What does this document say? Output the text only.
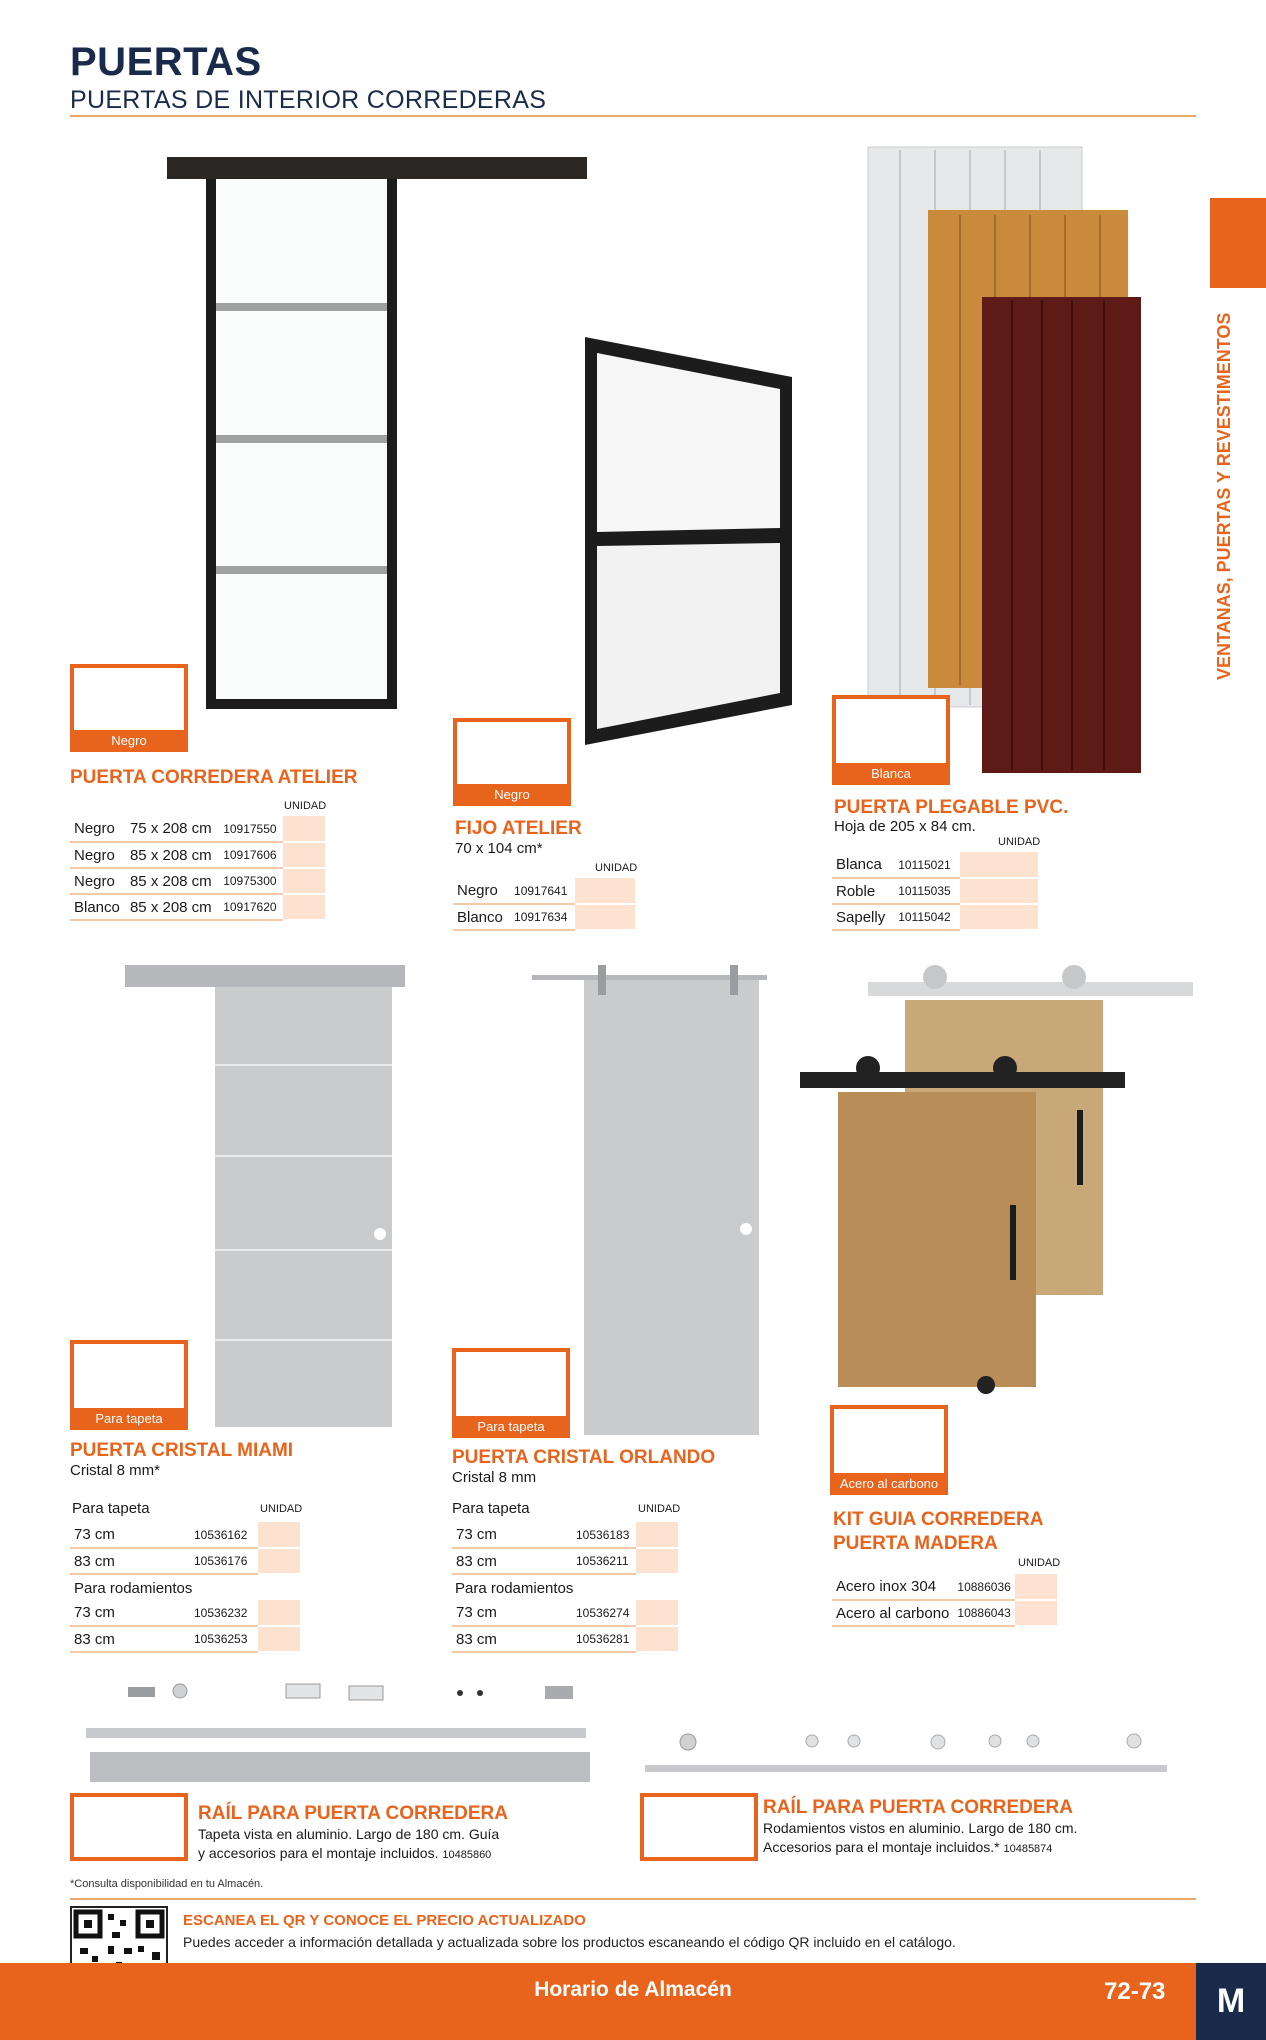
PUERTAS
PUERTAS DE INTERIOR CORREDERAS
VENTANAS, PUERTAS Y REVESTIMENTOS
Negro
PUERTA CORREDERA ATELIER
UNIDAD
Negro	75 x 208 cm	10917550	
Negro	85 x 208 cm	10917606	
Negro	85 x 208 cm	10975300	
Blanco	85 x 208 cm	10917620	
Negro
FIJO ATELIER
70 x 104 cm*
UNIDAD
Negro	10917641	
Blanco	10917634	
Blanca
PUERTA PLEGABLE PVC.
Hoja de 205 x 84 cm.
UNIDAD
Blanca	10115021	
Roble	10115035	
Sapelly	10115042	
Para tapeta
PUERTA CRISTAL MIAMI
Cristal 8 mm*
Para tapeta	UNIDAD
73 cm	10536162	
83 cm	10536176	
Para rodamientos
73 cm	10536232	
83 cm	10536253	
Para tapeta
PUERTA CRISTAL ORLANDO
Cristal 8 mm
Para tapeta	UNIDAD
73 cm	10536183	
83 cm	10536211	
Para rodamientos
73 cm	10536274	
83 cm	10536281	
Acero al carbono
KIT GUIA CORREDERA
PUERTA MADERA
UNIDAD
Acero inox 304	10886036	
Acero al carbono	10886043	
RAÍL PARA PUERTA CORREDERA
Tapeta vista en aluminio. Largo de 180 cm. Guía
y accesorios para el montaje incluidos. 10485860
RAÍL PARA PUERTA CORREDERA
Rodamientos vistos en aluminio. Largo de 180 cm.
Accesorios para el montaje incluidos.* 10485874
*Consulta disponibilidad en tu Almacén.
ESCANEA EL QR Y CONOCE EL PRECIO ACTUALIZADO
Puedes acceder a información detallada y actualizada sobre los productos escaneando el código QR incluido en el catálogo.
Horario de Almacén	72-73	M
